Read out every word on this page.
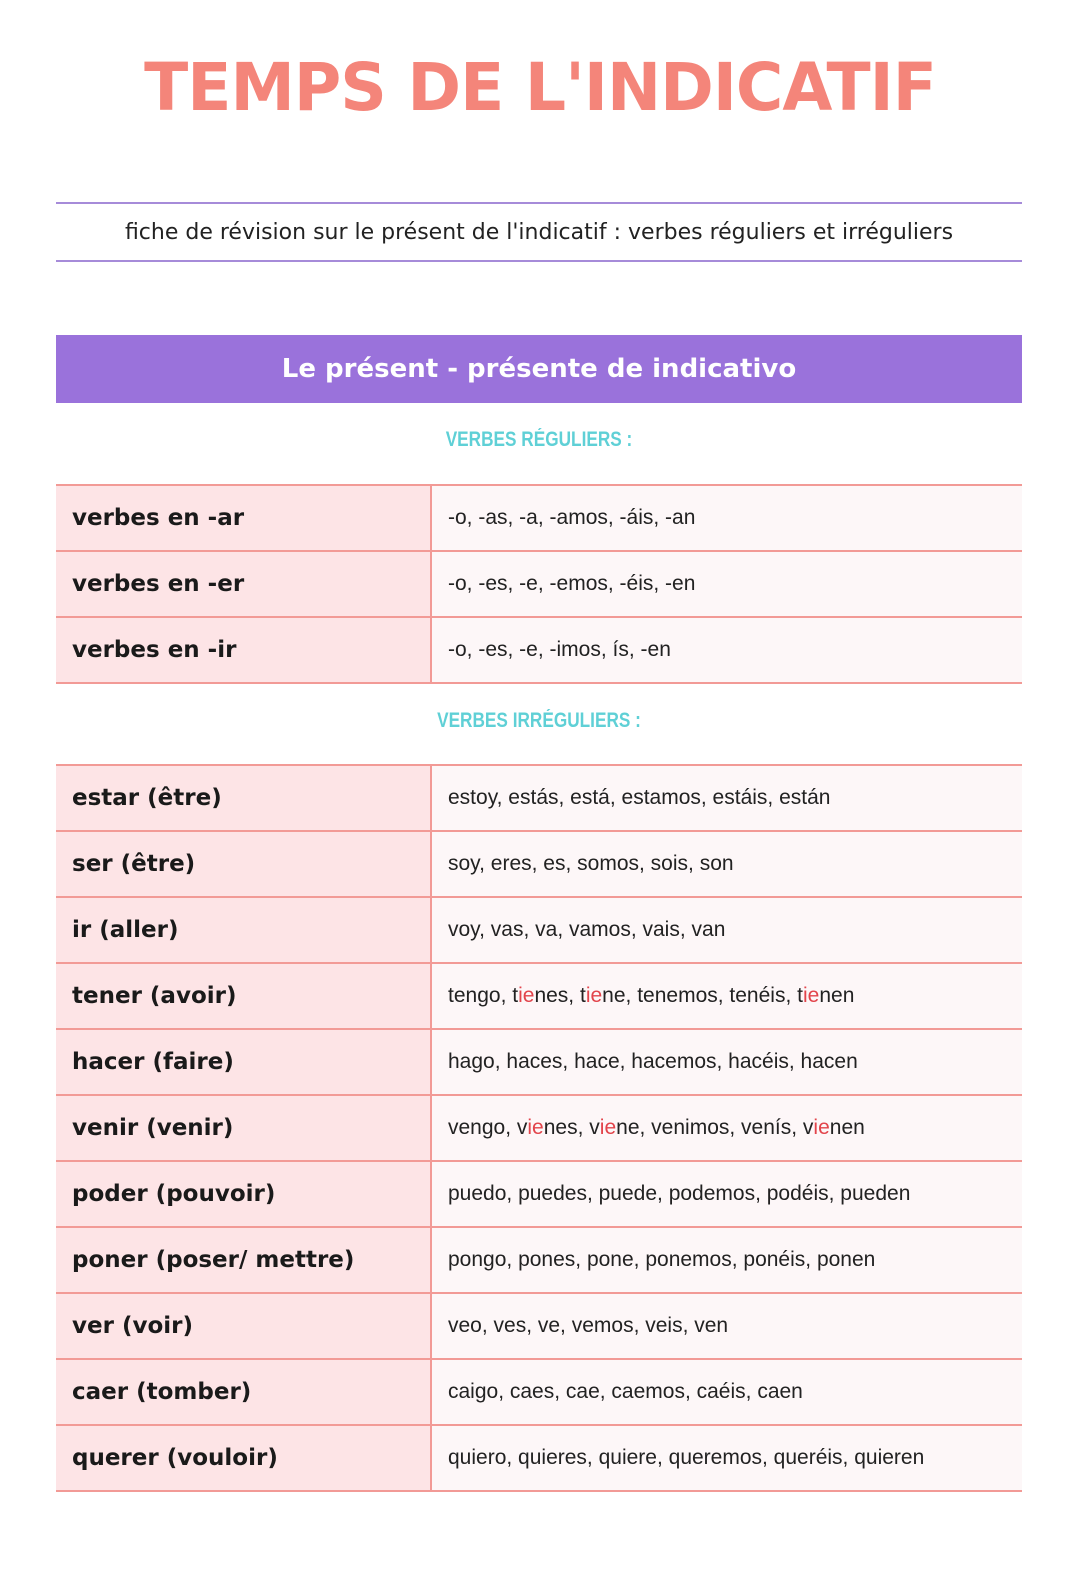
TEMPS DE L'INDICATIF
fiche de révision sur le présent de l'indicatif : verbes réguliers et irréguliers
Le présent - présente de indicativo
VERBES RÉGULIERS :
verbes en -ar	-o, -as, -a, -amos, -áis, -an
verbes en -er	-o, -es, -e, -emos, -éis, -en
verbes en -ir	-o, -es, -e, -imos, ís, -en
VERBES IRRÉGULIERS :
estar (être)	estoy, estás, está, estamos, estáis, están
ser (être)	soy, eres, es, somos, sois, son
ir (aller)	voy, vas, va, vamos, vais, van
tener (avoir)	tengo, tienes, tiene, tenemos, tenéis, tienen
hacer (faire)	hago, haces, hace, hacemos, hacéis, hacen
venir (venir)	vengo, vienes, viene, venimos, venís, vienen
poder (pouvoir)	puedo, puedes, puede, podemos, podéis, pueden
poner (poser/ mettre)	pongo, pones, pone, ponemos, ponéis, ponen
ver (voir)	veo, ves, ve, vemos, veis, ven
caer (tomber)	caigo, caes, cae, caemos, caéis, caen
querer (vouloir)	quiero, quieres, quiere, queremos, queréis, quieren
